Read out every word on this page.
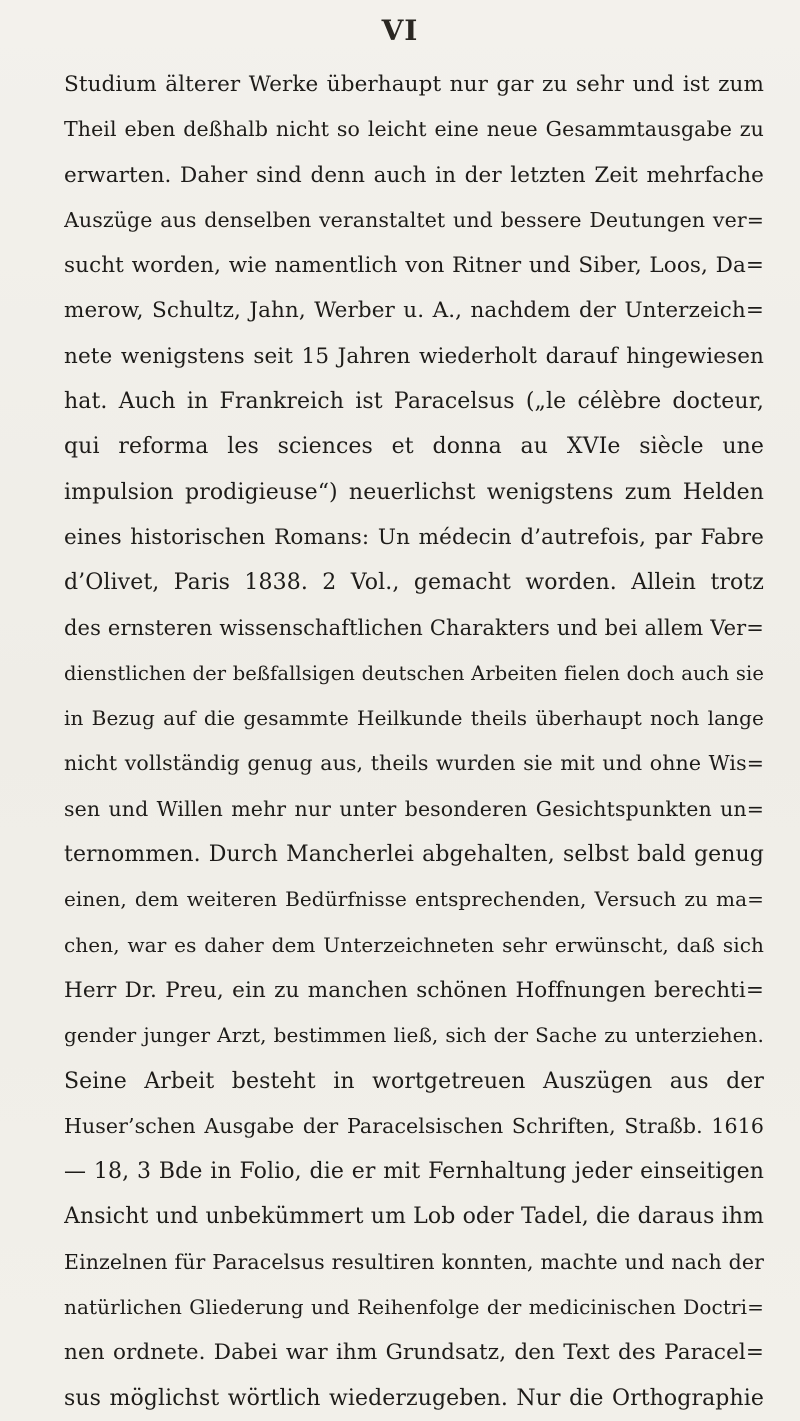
VI
Studium älterer Werke überhaupt nur gar zu sehr und ist zum
Theil eben deßhalb nicht so leicht eine neue Gesammtausgabe zu
erwarten. Daher sind denn auch in der letzten Zeit mehrfache
Auszüge aus denselben veranstaltet und bessere Deutungen ver=
sucht worden, wie namentlich von Ritner und Siber, Loos, Da=
merow, Schultz, Jahn, Werber u. A., nachdem der Unterzeich=
nete wenigstens seit 15 Jahren wiederholt darauf hingewiesen
hat. Auch in Frankreich ist Paracelsus („le célèbre docteur,
qui reforma les sciences et donna au XVIe siècle une
impulsion prodigieuse“) neuerlichst wenigstens zum Helden
eines historischen Romans: Un médecin d’autrefois, par Fabre
d’Olivet, Paris 1838. 2 Vol., gemacht worden. Allein trotz
des ernsteren wissenschaftlichen Charakters und bei allem Ver=
dienstlichen der beßfallsigen deutschen Arbeiten fielen doch auch sie
in Bezug auf die gesammte Heilkunde theils überhaupt noch lange
nicht vollständig genug aus, theils wurden sie mit und ohne Wis=
sen und Willen mehr nur unter besonderen Gesichtspunkten un=
ternommen. Durch Mancherlei abgehalten, selbst bald genug
einen, dem weiteren Bedürfnisse entsprechenden, Versuch zu ma=
chen, war es daher dem Unterzeichneten sehr erwünscht, daß sich
Herr Dr. Preu, ein zu manchen schönen Hoffnungen berechti=
gender junger Arzt, bestimmen ließ, sich der Sache zu unterziehen.
Seine Arbeit besteht in wortgetreuen Auszügen aus der
Huser’schen Ausgabe der Paracelsischen Schriften, Straßb. 1616
— 18, 3 Bde in Folio, die er mit Fernhaltung jeder einseitigen
Ansicht und unbekümmert um Lob oder Tadel, die daraus ihm
Einzelnen für Paracelsus resultiren konnten, machte und nach der
natürlichen Gliederung und Reihenfolge der medicinischen Doctri=
nen ordnete. Dabei war ihm Grundsatz, den Text des Paracel=
sus möglichst wörtlich wiederzugeben. Nur die Orthographie
